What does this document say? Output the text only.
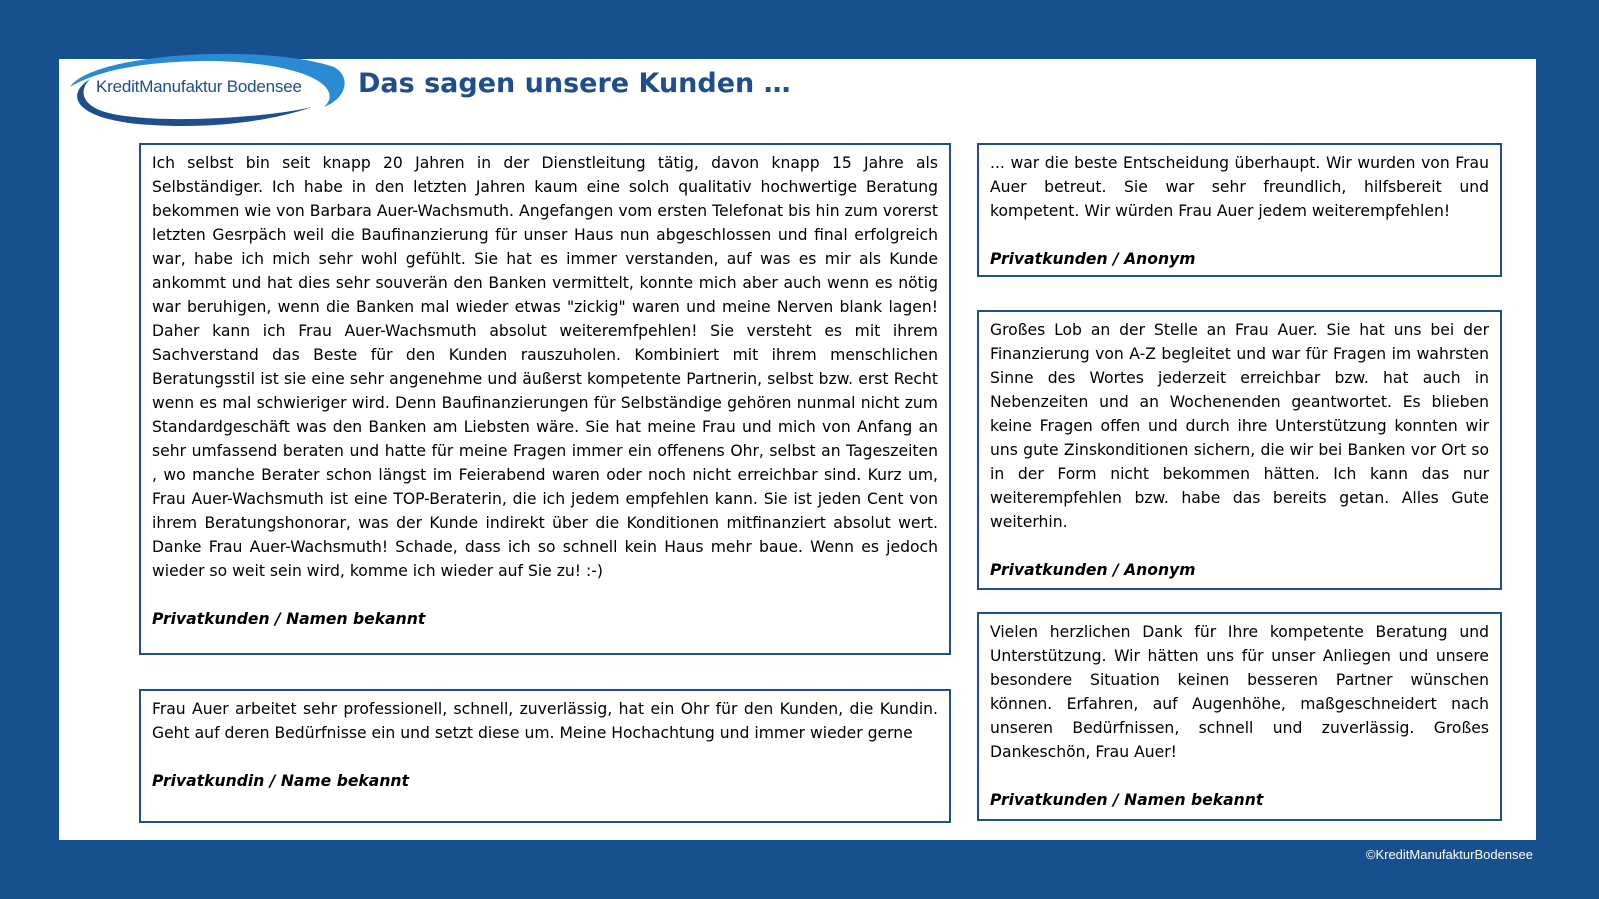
KreditManufaktur Bodensee Das sagen unsere Kunden …

Ich selbst bin seit knapp 20 Jahren in der Dienstleitung tätig, davon knapp 15 Jahre als Selbständiger. Ich habe in den letzten Jahren kaum eine solch qualitativ hochwertige Beratung bekommen wie von Barbara Auer-Wachsmuth. Angefangen vom ersten Telefonat bis hin zum vorerst letzten Gesrpäch weil die Baufinanzierung für unser Haus nun abgeschlossen und final erfolgreich war, habe ich mich sehr wohl gefühlt. Sie hat es immer verstanden, auf was es mir als Kunde ankommt und hat dies sehr souverän den Banken vermittelt, konnte mich aber auch wenn es nötig war beruhigen, wenn die Banken mal wieder etwas "zickig" waren und meine Nerven blank lagen! Daher kann ich Frau Auer-Wachsmuth absolut weiteremfpehlen! Sie versteht es mit ihrem Sachverstand das Beste für den Kunden rauszuholen. Kombiniert mit ihrem menschlichen Beratungsstil ist sie eine sehr angenehme und äußerst kompetente Partnerin, selbst bzw. erst Recht wenn es mal schwieriger wird. Denn Baufinanzierungen für Selbständige gehören nunmal nicht zum Standardgeschäft was den Banken am Liebsten wäre. Sie hat meine Frau und mich von Anfang an sehr umfassend beraten und hatte für meine Fragen immer ein offenens Ohr, selbst an Tageszeiten , wo manche Berater schon längst im Feierabend waren oder noch nicht erreichbar sind. Kurz um, Frau Auer-Wachsmuth ist eine TOP-Beraterin, die ich jedem empfehlen kann. Sie ist jeden Cent von ihrem Beratungshonorar, was der Kunde indirekt über die Konditionen mitfinanziert absolut wert. Danke Frau Auer-Wachsmuth! Schade, dass ich so schnell kein Haus mehr baue. Wenn es jedoch wieder so weit sein wird, komme ich wieder auf Sie zu! :-)

Privatkunden / Namen bekannt

Frau Auer arbeitet sehr professionell, schnell, zuverlässig, hat ein Ohr für den Kunden, die Kundin. Geht auf deren Bedürfnisse ein und setzt diese um. Meine Hochachtung und immer wieder gerne

Privatkundin / Name bekannt

... war die beste Entscheidung überhaupt. Wir wurden von Frau Auer betreut. Sie war sehr freundlich, hilfsbereit und kompetent. Wir würden Frau Auer jedem weiterempfehlen!

Privatkunden / Anonym

Großes Lob an der Stelle an Frau Auer. Sie hat uns bei der Finanzierung von A-Z begleitet und war für Fragen im wahrsten Sinne des Wortes jederzeit erreichbar bzw. hat auch in Nebenzeiten und an Wochenenden geantwortet. Es blieben keine Fragen offen und durch ihre Unterstützung konnten wir uns gute Zinskonditionen sichern, die wir bei Banken vor Ort so in der Form nicht bekommen hätten. Ich kann das nur weiterempfehlen bzw. habe das bereits getan. Alles Gute weiterhin.

Privatkunden / Anonym

Vielen herzlichen Dank für Ihre kompetente Beratung und Unterstützung. Wir hätten uns für unser Anliegen und unsere besondere Situation keinen besseren Partner wünschen können. Erfahren, auf Augenhöhe, maßgeschneidert nach unseren Bedürfnissen, schnell und zuverlässig. Großes Dankeschön, Frau Auer!

Privatkunden / Namen bekannt

©KreditManufakturBodensee
